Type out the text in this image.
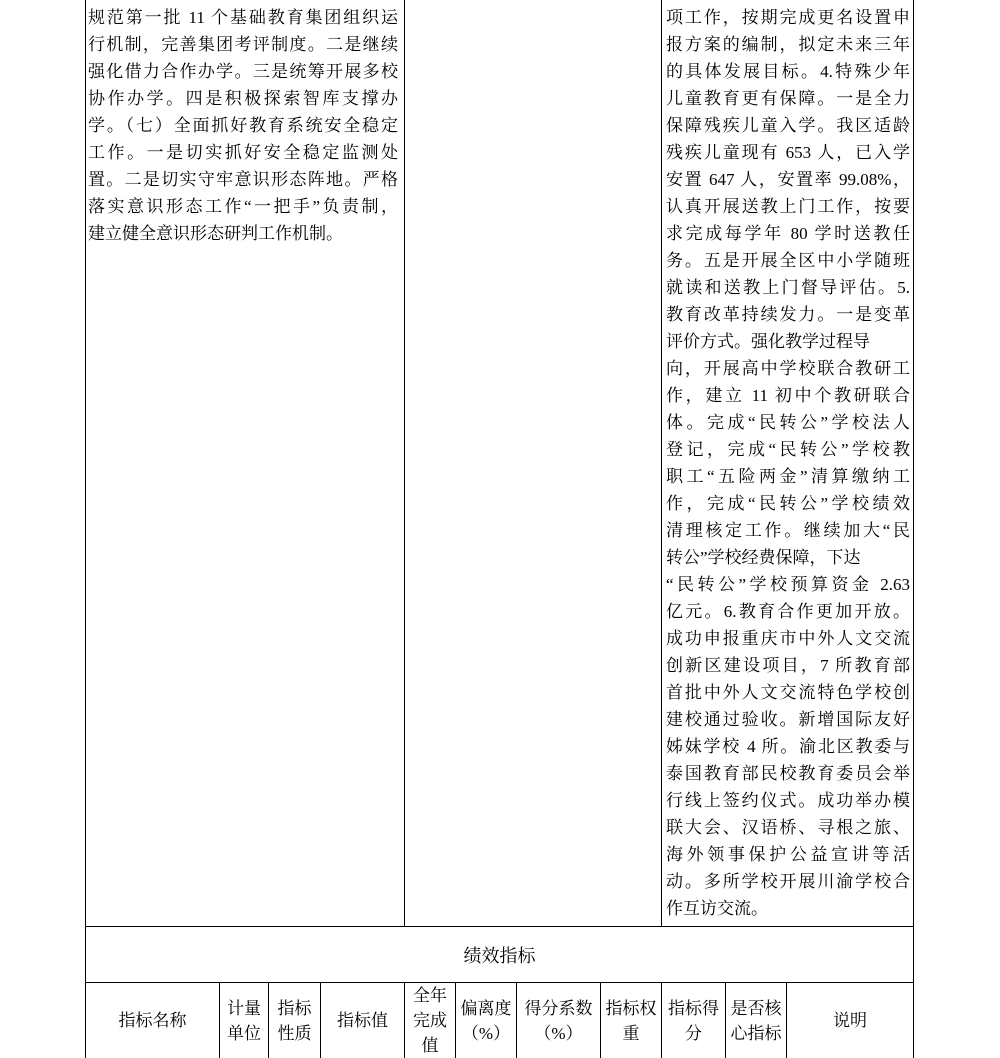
规范第一批 11 个基础教育集团组织运
行机制，完善集团考评制度。二是继续
强化借力合作办学。三是统筹开展多校
协作办学。四是积极探索智库支撑办
学。（七）全面抓好教育系统安全稳定
工作。一是切实抓好安全稳定监测处
置。二是切实守牢意识形态阵地。严格
落实意识形态工作“一把手”负责制，
建立健全意识形态研判工作机制。
项工作，按期完成更名设置申
报方案的编制，拟定未来三年
的具体发展目标。4.特殊少年
儿童教育更有保障。一是全力
保障残疾儿童入学。我区适龄
残疾儿童现有 653 人，已入学
安置 647 人，安置率 99.08%，
认真开展送教上门工作，按要
求完成每学年 80 学时送教任
务。五是开展全区中小学随班
就读和送教上门督导评估。5.
教育改革持续发力。一是变革
评价方式。强化教学过程导
向，开展高中学校联合教研工
作，建立 11 初中个教研联合
体。完成“民转公”学校法人
登记，完成“民转公”学校教
职工“五险两金”清算缴纳工
作，完成“民转公”学校绩效
清理核定工作。继续加大“民
转公”学校经费保障，下达
“民转公”学校预算资金 2.63
亿元。6.教育合作更加开放。
成功申报重庆市中外人文交流
创新区建设项目，7 所教育部
首批中外人文交流特色学校创
建校通过验收。新增国际友好
姊妹学校 4 所。渝北区教委与
泰国教育部民校教育委员会举
行线上签约仪式。成功举办模
联大会、汉语桥、寻根之旅、
海外领事保护公益宣讲等活
动。多所学校开展川渝学校合
作互访交流。
绩效指标
指标名称
计量单位
指标性质
指标值
全年完成值
偏离度（%）
得分系数（%）
指标权重
指标得分
是否核心指标
说明
